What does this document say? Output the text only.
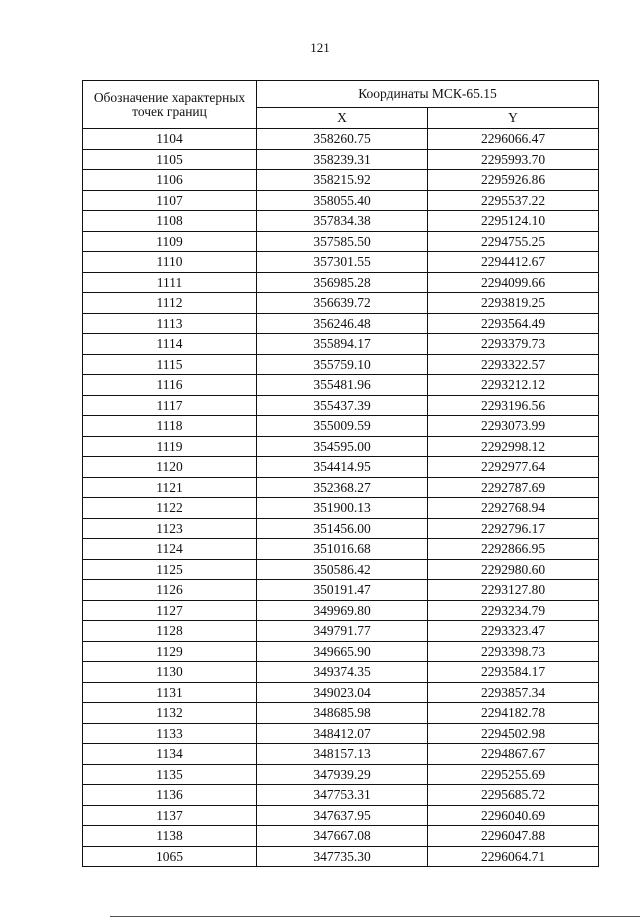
121
Обозначение характерных точек границ	Координаты МСК-65.15	
	X	Y
1104	358260.75	2296066.47
1105	358239.31	2295993.70
1106	358215.92	2295926.86
1107	358055.40	2295537.22
1108	357834.38	2295124.10
1109	357585.50	2294755.25
1110	357301.55	2294412.67
1111	356985.28	2294099.66
1112	356639.72	2293819.25
1113	356246.48	2293564.49
1114	355894.17	2293379.73
1115	355759.10	2293322.57
1116	355481.96	2293212.12
1117	355437.39	2293196.56
1118	355009.59	2293073.99
1119	354595.00	2292998.12
1120	354414.95	2292977.64
1121	352368.27	2292787.69
1122	351900.13	2292768.94
1123	351456.00	2292796.17
1124	351016.68	2292866.95
1125	350586.42	2292980.60
1126	350191.47	2293127.80
1127	349969.80	2293234.79
1128	349791.77	2293323.47
1129	349665.90	2293398.73
1130	349374.35	2293584.17
1131	349023.04	2293857.34
1132	348685.98	2294182.78
1133	348412.07	2294502.98
1134	348157.13	2294867.67
1135	347939.29	2295255.69
1136	347753.31	2295685.72
1137	347637.95	2296040.69
1138	347667.08	2296047.88
1065	347735.30	2296064.71
